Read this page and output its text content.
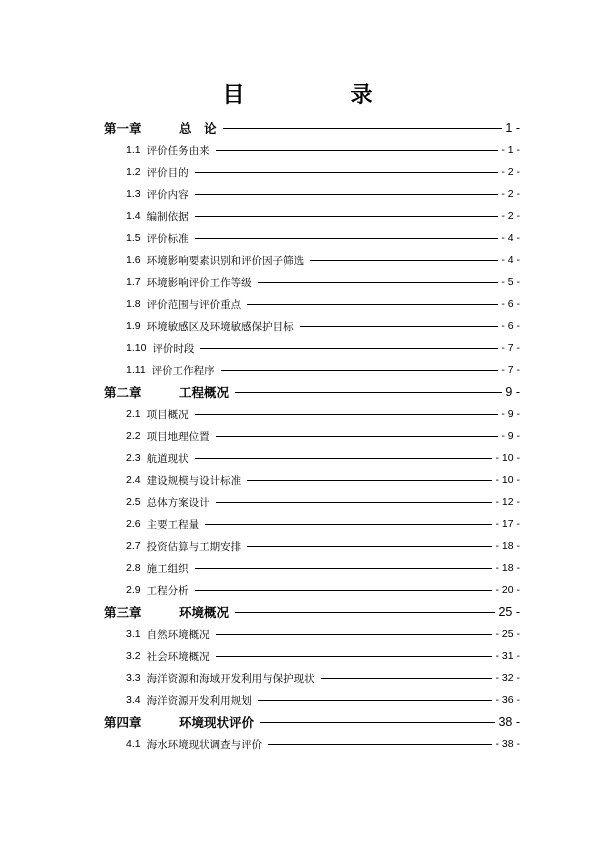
目　录
第一章	总　论	1 -
1.1 评价任务由来	- 1 -
1.2 评价目的	- 2 -
1.3 评价内容	- 2 -
1.4 编制依据	- 2 -
1.5 评价标准	- 4 -
1.6 环境影响要素识别和评价因子筛选	- 4 -
1.7 环境影响评价工作等级	- 5 -
1.8 评价范围与评价重点	- 6 -
1.9 环境敏感区及环境敏感保护目标	- 6 -
1.10 评价时段	- 7 -
1.11 评价工作程序	- 7 -
第二章	工程概况	9 -
2.1 项目概况	- 9 -
2.2 项目地理位置	- 9 -
2.3 航道现状	- 10 -
2.4 建设规模与设计标准	- 10 -
2.5 总体方案设计	- 12 -
2.6 主要工程量	- 17 -
2.7 投资估算与工期安排	- 18 -
2.8 施工组织	- 18 -
2.9 工程分析	- 20 -
第三章	环境概况	25 -
3.1 自然环境概况	- 25 -
3.2 社会环境概况	- 31 -
3.3 海洋资源和海域开发利用与保护现状	- 32 -
3.4 海洋资源开发利用规划	- 36 -
第四章	环境现状评价	38 -
4.1 海水环境现状调查与评价	- 38 -
